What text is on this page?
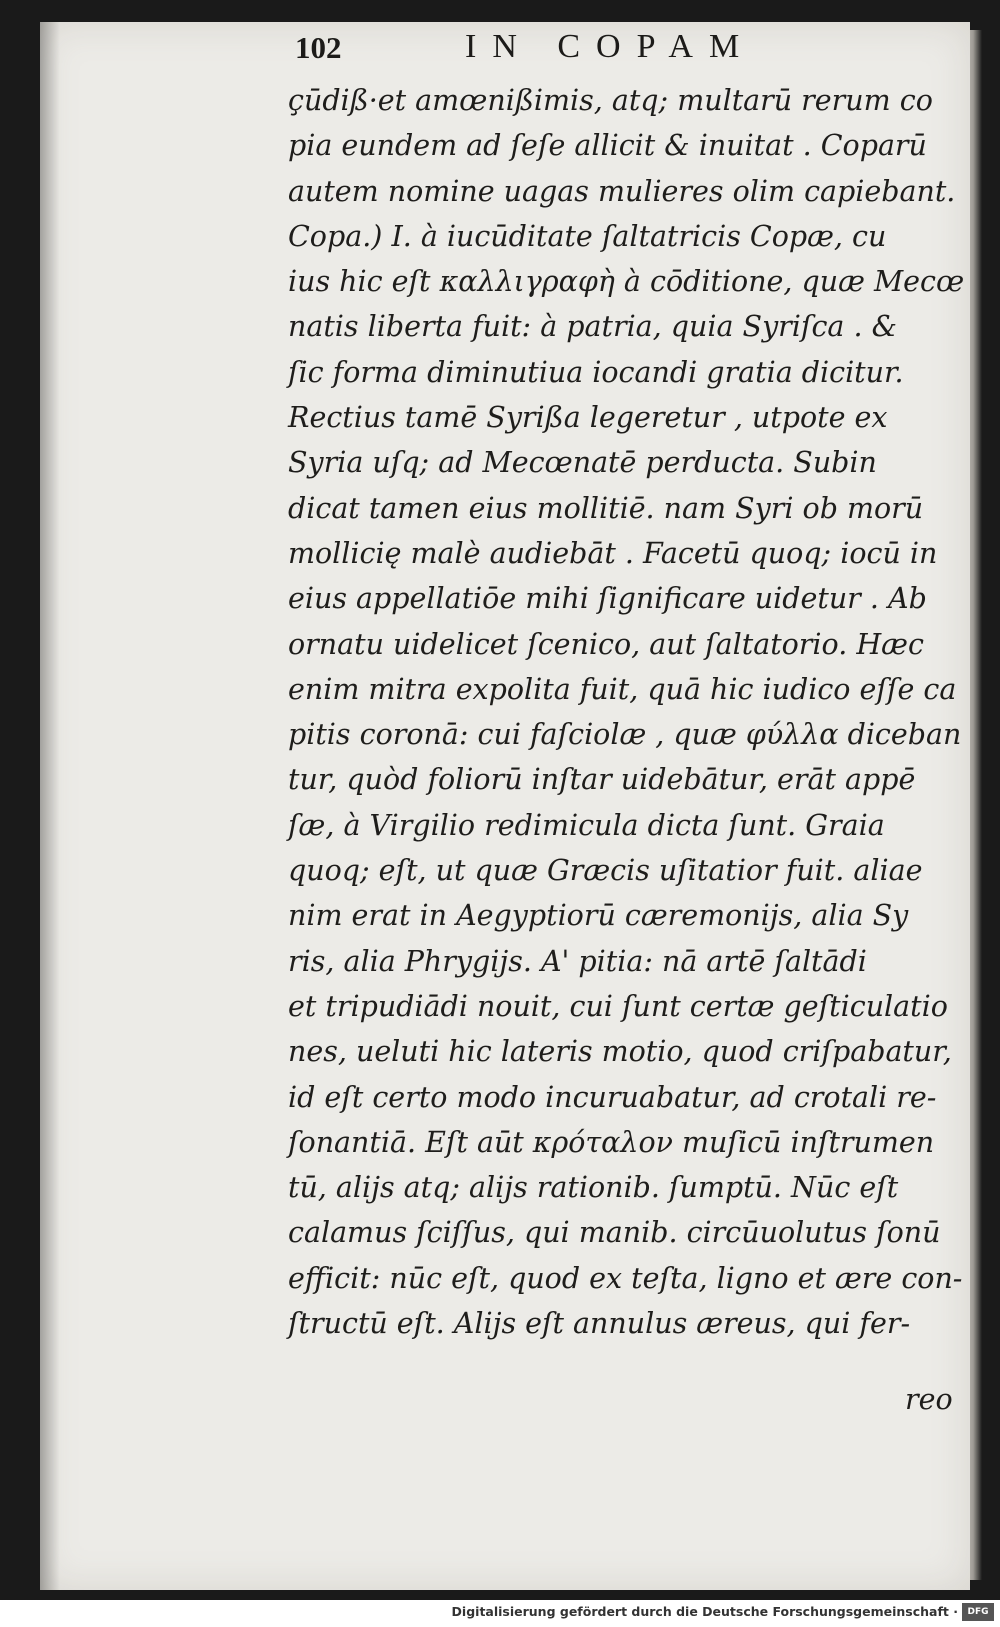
102	IN COPAM
çūdiß·et amœnißimis, atq; multarū rerum co
pia eundem ad ſeſe allicit & inuitat . Coparū
autem nomine uagas mulieres olim capiebant.
Copa.) I. à iucūditate ſaltatricis Copæ, cu
ius hic eſt καλλιγραφὴ à cōditione, quæ Mecœ
natis liberta fuit: à patria, quia Syriſca . &
ſic forma diminutiua iocandi gratia dicitur.
Rectius tamē Syrißa legeretur , utpote ex
Syria uſq; ad Mecœnatē perducta. Subin
dicat tamen eius mollitiē. nam Syri ob morū
mollicię malè audiebāt . Facetū quoq; iocū in
eius appellatiōe mihi ſignificare uidetur . Ab
ornatu uidelicet ſcenico, aut ſaltatorio. Hæc
enim mitra expolita fuit, quā hic iudico eſſe ca
pitis coronā: cui faſciolæ , quæ φύλλα diceban
tur, quòd foliorū inſtar uidebātur, erāt appē
ſæ, à Virgilio redimicula dicta ſunt. Graia
quoq; eſt, ut quæ Græcis uſitatior fuit. aliae
nim erat in Aegyptiorū cæremonijs, alia Sy
ris, alia Phrygijs. A' pitia: nā artē ſaltādi
et tripudiādi nouit, cui ſunt certæ geſticulatio
nes, ueluti hic lateris motio, quod criſpabatur,
id eſt certo modo incuruabatur, ad crotali re-
ſonantiā. Eſt aūt κρόταλον muſicū inſtrumen
tū, alijs atq; alijs rationib. ſumptū. Nūc eſt
calamus ſciſſus, qui manib. circūuolutus ſonū
efficit: nūc eſt, quod ex teſta, ligno et ære con-
ſtructū eſt. Alijs eſt annulus æreus, qui fer-
reo
Digitalisierung gefördert durch die Deutsche Forschungsgemeinschaft ·	DFG
